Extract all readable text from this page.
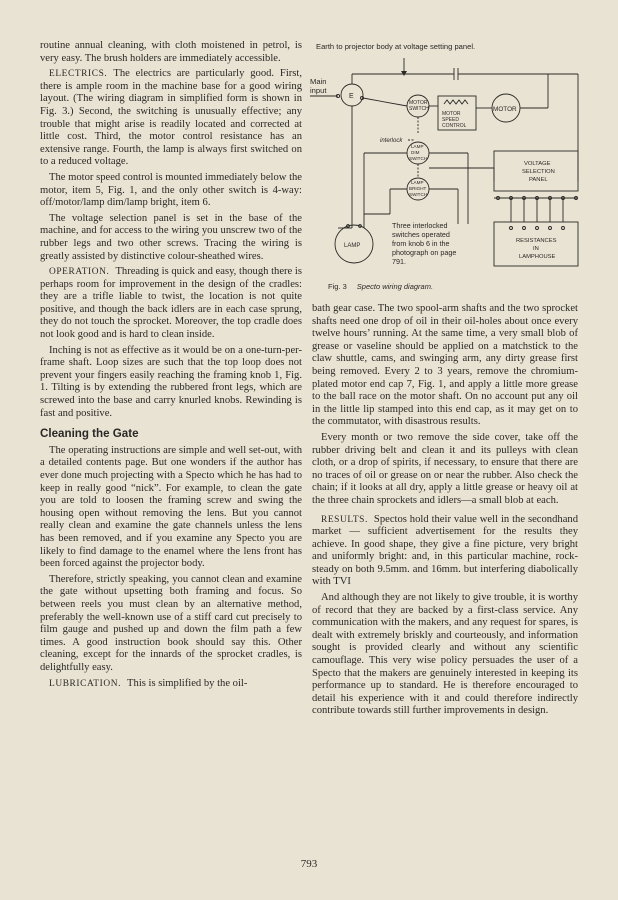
routine annual cleaning, with cloth moistened in petrol, is very easy. The brush holders are immediately accessible.

ELECTRICS. The electrics are particularly good. First, there is ample room in the machine base for a good wiring layout. (The wiring diagram in simplified form is shown in Fig. 3.) Second, the switching is unusually effective; any trouble that might arise is readily located and corrected at little cost. Third, the motor control resistance has an extensive range. Fourth, the lamp is always first switched on to a reduced voltage.

The motor speed control is mounted immediately below the motor, item 5, Fig. 1, and the only other switch is 4-way: off/motor/lamp dim/lamp bright, item 6.

The voltage selection panel is set in the base of the machine, and for access to the wiring you unscrew two of the rubber legs and two other screws. Tracing the wiring is greatly assisted by distinctive colour-sheathed wires.

OPERATION. Threading is quick and easy, though there is perhaps room for improvement in the design of the cradles: they are a trifle liable to twist, the location is not quite positive, and though the back idlers are in each case sprung, they do not touch the sprocket. Moreover, the top cradle does not look good and is hard to clean inside.

Inching is not as effective as it would be on a one-turn-per-frame shaft. Loop sizes are such that the top loop does not prevent your fingers easily reaching the framing knob 1, Fig. 1. Tilting is by extending the rubbered front legs, which are screwed into the base and carry knurled knobs. Rewinding is fast and positive.

Cleaning the Gate

The operating instructions are simple and well set-out, with a detailed contents page. But one wonders if the author has ever done much projecting with a Specto which he has had to keep in really good “nick”. For example, to clean the gate you are told to loosen the framing screw and swing the housing open without removing the lens. But you cannot really clean and examine the gate channels unless the lens has been removed, and if you examine any Specto you are likely to find damage to the enamel where the lens front has been forced against the projector body.

Therefore, strictly speaking, you cannot clean and examine the gate without upsetting both framing and focus. So between reels you must clean by an alternative method, preferably the well-known use of a stiff card cut precisely to film gauge and pushed up and down the film path a few times. A good instruction book should say this. Other cleaning, except for the innards of the sprocket cradles, is delightfully easy.

LUBRICATION. This is simplified by the oil-

Earth to projector body at voltage setting panel.
Main
input
E
MOTOR
SWITCH
MOTOR
SPEED
CONTROL
MOTOR
interlock
LAMP
DIM
SWITCH
LAMP
BRIGHT
SWITCH
LAMP
VOLTAGE
SELECTION
PANEL
RESISTANCES
IN
LAMPHOUSE
Three interlocked
switches operated
from knob 6 in the
photograph on page
791.
Fig. 3 Specto wiring diagram.

bath gear case. The two spool-arm shafts and the two sprocket shafts need one drop of oil in their oil-holes about once every twelve hours’ running. At the same time, a very small blob of grease or vaseline should be applied on a matchstick to the claw shuttle, cams, and swinging arm, any dirty grease first being removed. Every 2 to 3 years, remove the chromium-plated motor end cap 7, Fig. 1, and apply a little more grease to the ball race on the motor shaft. On no account put any oil in the little lip stamped into this end cap, as it may get on to the commutator, with disastrous results.

Every month or two remove the side cover, take off the rubber driving belt and clean it and its pulleys with clean cloth, or a drop of spirits, if necessary, to ensure that there are no traces of oil or grease on or near the rubber. Also check the chain; if it looks at all dry, apply a little grease or heavy oil at the three chain sprockets and idlers—a small blob at each.

RESULTS. Spectos hold their value well in the secondhand market — sufficient advertisement for the results they achieve. In good shape, they give a fine picture, very bright and uniformly bright: and, in this particular machine, rock-steady on both 9.5mm. and 16mm. but interfering diabolically with TVI

And although they are not likely to give trouble, it is worthy of record that they are backed by a first-class service. Any communication with the makers, and any request for spares, is dealt with extremely briskly and courteously, and information sought is provided clearly and without any scientific camouflage. This very wise policy persuades the user of a Specto that the makers are genuinely interested in keeping its performance up to standard. He is therefore encouraged to detail his experience with it and could therefore indirectly contribute towards still further improvements in design.

793
